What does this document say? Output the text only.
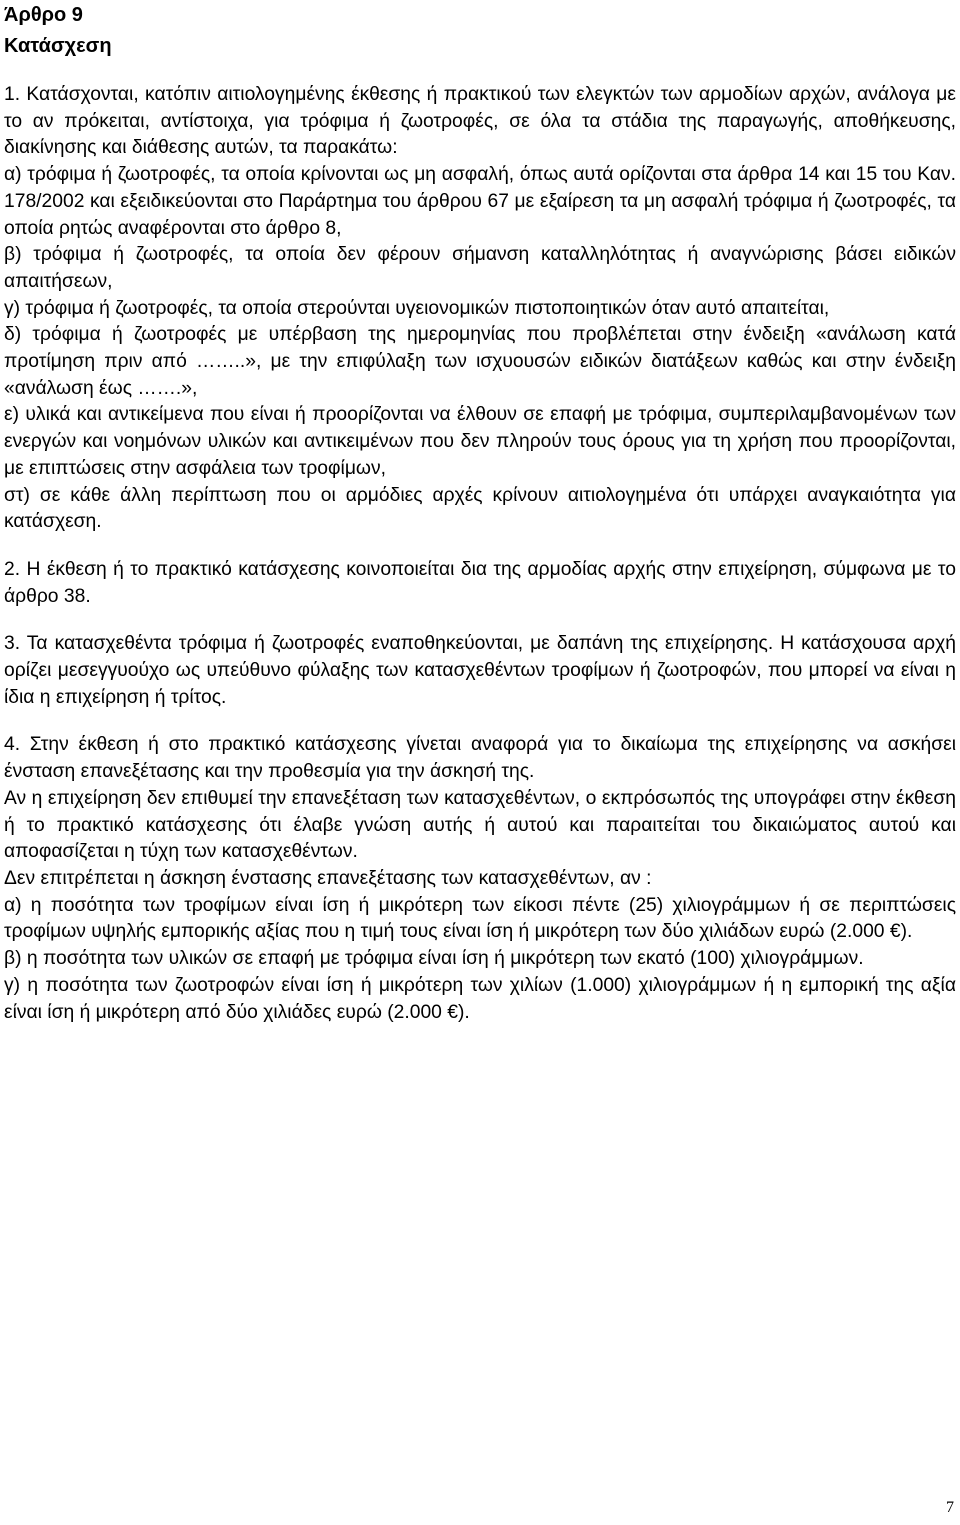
Άρθρο 9
Κατάσχεση

1. Κατάσχονται, κατόπιν αιτιολογημένης έκθεσης ή πρακτικού των ελεγκτών των αρμοδίων αρχών, ανάλογα με το αν πρόκειται, αντίστοιχα, για τρόφιμα ή ζωοτροφές, σε όλα τα στάδια της παραγωγής, αποθήκευσης, διακίνησης και διάθεσης αυτών, τα παρακάτω:

α) τρόφιμα ή ζωοτροφές, τα οποία κρίνονται ως μη ασφαλή, όπως αυτά ορίζονται στα άρθρα 14 και 15 του Καν. 178/2002 και εξειδικεύονται στο Παράρτημα του άρθρου 67 με εξαίρεση τα μη ασφαλή τρόφιμα ή ζωοτροφές, τα οποία ρητώς αναφέρονται στο άρθρο 8,

β) τρόφιμα ή ζωοτροφές, τα οποία δεν φέρουν σήμανση καταλληλότητας ή αναγνώρισης βάσει ειδικών απαιτήσεων,

γ) τρόφιμα ή ζωοτροφές, τα οποία στερούνται υγειονομικών πιστοποιητικών όταν αυτό απαιτείται,

δ) τρόφιμα ή ζωοτροφές με υπέρβαση της ημερομηνίας που προβλέπεται στην ένδειξη «ανάλωση κατά προτίμηση πριν από ……..», με την επιφύλαξη των ισχυουσών ειδικών διατάξεων καθώς και στην ένδειξη «ανάλωση έως …….»,

ε) υλικά και αντικείμενα που είναι ή προορίζονται να έλθουν σε επαφή με τρόφιμα, συμπεριλαμβανομένων των ενεργών και νοημόνων υλικών και αντικειμένων που δεν πληρούν τους όρους για τη χρήση που προορίζονται, με επιπτώσεις στην ασφάλεια των τροφίμων,

στ) σε κάθε άλλη περίπτωση που οι αρμόδιες αρχές κρίνουν αιτιολογημένα ότι υπάρχει αναγκαιότητα για κατάσχεση.

2. Η έκθεση ή το πρακτικό κατάσχεσης κοινοποιείται δια της αρμοδίας αρχής στην επιχείρηση, σύμφωνα με το άρθρο 38.

3. Τα κατασχεθέντα τρόφιμα ή ζωοτροφές εναποθηκεύονται, με δαπάνη της επιχείρησης. Η κατάσχουσα αρχή ορίζει μεσεγγυούχο ως υπεύθυνο φύλαξης των κατασχεθέντων τροφίμων ή ζωοτροφών, που μπορεί να είναι η ίδια η επιχείρηση ή τρίτος.

4. Στην έκθεση ή στο πρακτικό κατάσχεσης γίνεται αναφορά για το δικαίωμα της επιχείρησης να ασκήσει ένσταση επανεξέτασης και την προθεσμία για την άσκησή της.

Αν η επιχείρηση δεν επιθυμεί την επανεξέταση των κατασχεθέντων, ο εκπρόσωπός της υπογράφει στην έκθεση ή το πρακτικό κατάσχεσης ότι έλαβε γνώση αυτής ή αυτού και παραιτείται του δικαιώματος αυτού και αποφασίζεται η τύχη των κατασχεθέντων.

Δεν επιτρέπεται η άσκηση ένστασης επανεξέτασης των κατασχεθέντων, αν :

α) η ποσότητα των τροφίμων είναι ίση ή μικρότερη των είκοσι πέντε (25) χιλιογράμμων ή σε περιπτώσεις τροφίμων υψηλής εμπορικής αξίας που η τιμή τους είναι ίση ή μικρότερη των δύο χιλιάδων ευρώ (2.000 €).

β) η ποσότητα των υλικών σε επαφή με τρόφιμα είναι ίση ή μικρότερη των εκατό (100) χιλιογράμμων.

γ) η ποσότητα των ζωοτροφών είναι ίση ή μικρότερη των χιλίων (1.000) χιλιογράμμων ή η εμπορική της αξία είναι ίση ή μικρότερη από δύο χιλιάδες ευρώ (2.000 €).

7
